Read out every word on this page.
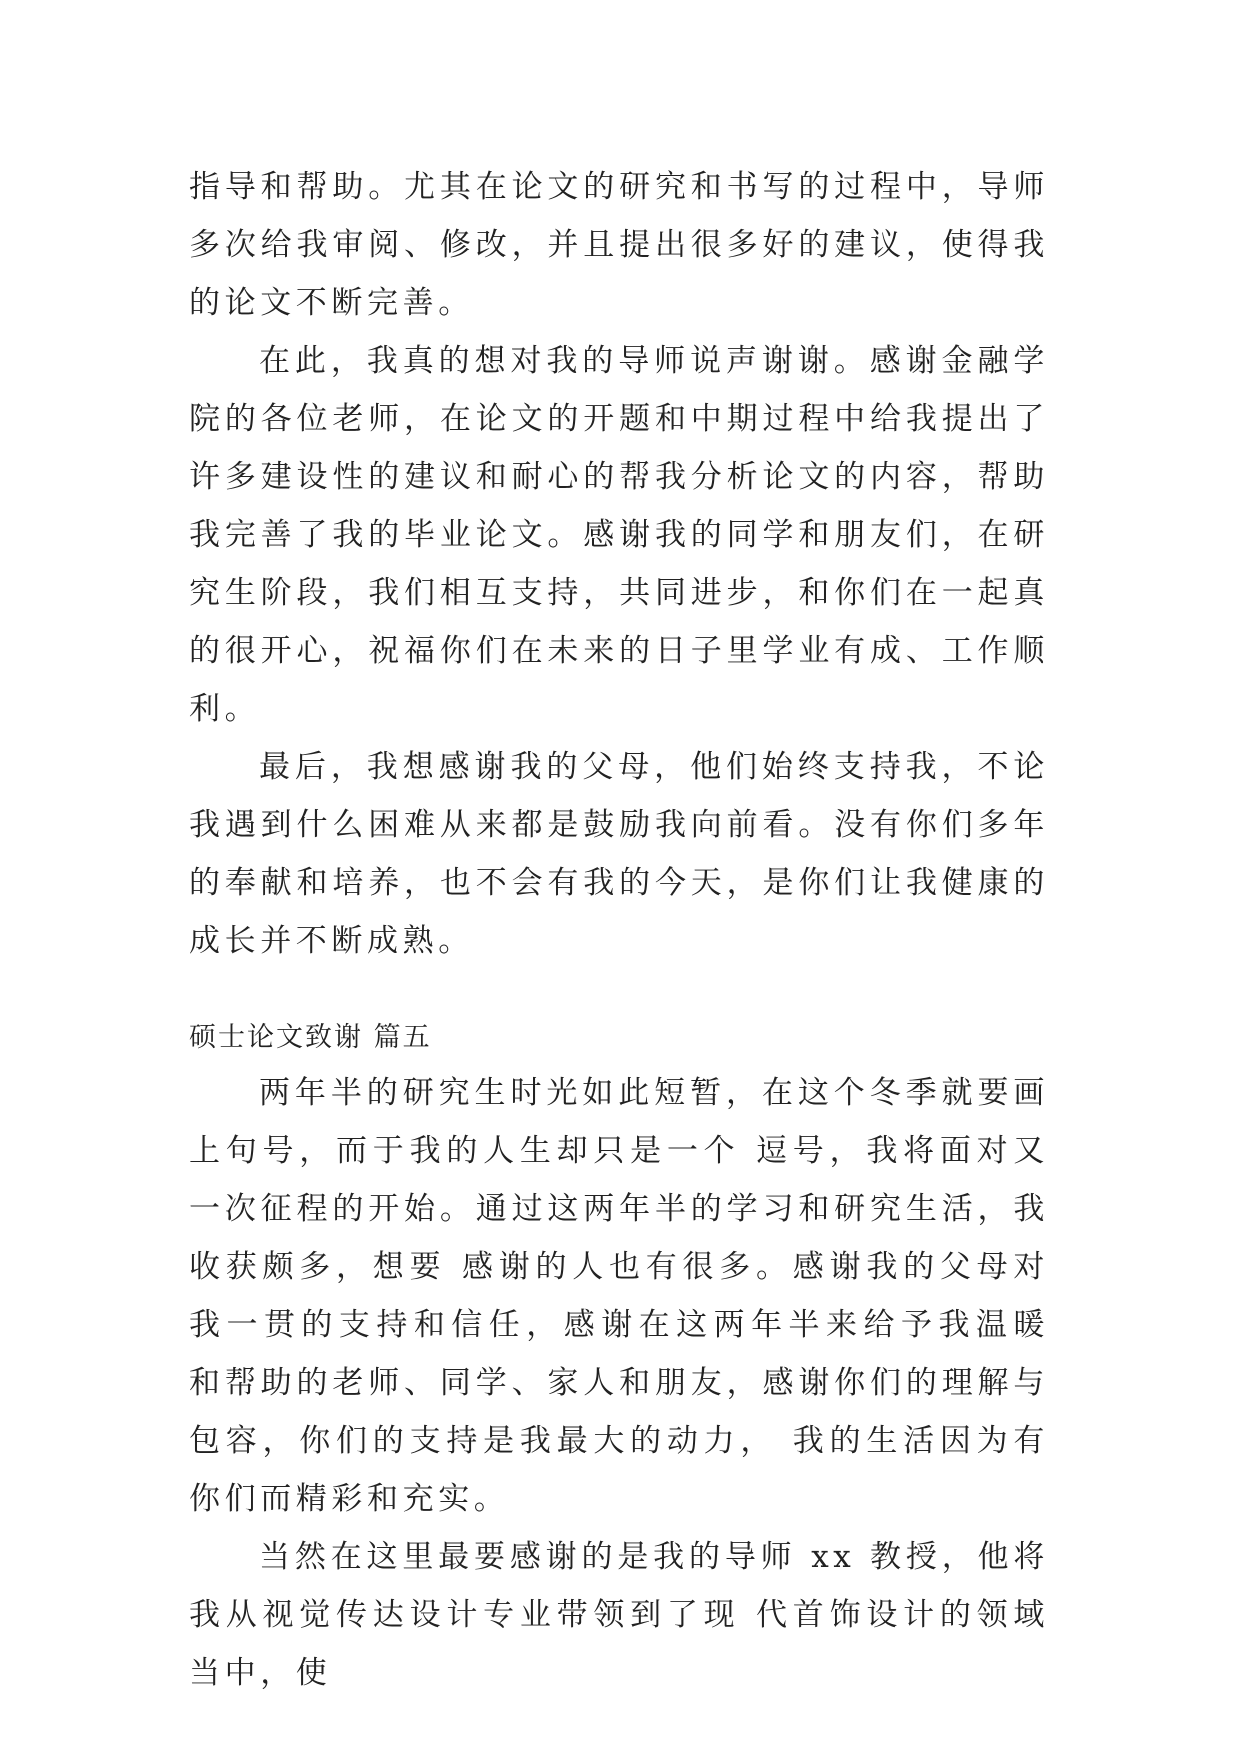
指导和帮助。尤其在论文的研究和书写的过程中，导师多次给我审阅、修改，并且提出很多好的建议，使得我的论文不断完善。

在此，我真的想对我的导师说声谢谢。感谢金融学院的各位老师，在论文的开题和中期过程中给我提出了许多建设性的建议和耐心的帮我分析论文的内容，帮助我完善了我的毕业论文。感谢我的同学和朋友们，在研究生阶段，我们相互支持，共同进步，和你们在一起真的很开心，祝福你们在未来的日子里学业有成、工作顺利。

最后，我想感谢我的父母，他们始终支持我，不论我遇到什么困难从来都是鼓励我向前看。没有你们多年的奉献和培养，也不会有我的今天，是你们让我健康的成长并不断成熟。

硕士论文致谢 篇五

两年半的研究生时光如此短暂，在这个冬季就要画上句号，而于我的人生却只是一个 逗号，我将面对又一次征程的开始。通过这两年半的学习和研究生活，我收获颇多，想要 感谢的人也有很多。感谢我的父母对我一贯的支持和信任，感谢在这两年半来给予我温暖 和帮助的老师、同学、家人和朋友，感谢你们的理解与包容，你们的支持是我最大的动力， 我的生活因为有你们而精彩和充实。

当然在这里最要感谢的是我的导师 xx 教授，他将我从视觉传达设计专业带领到了现 代首饰设计的领域当中，使
